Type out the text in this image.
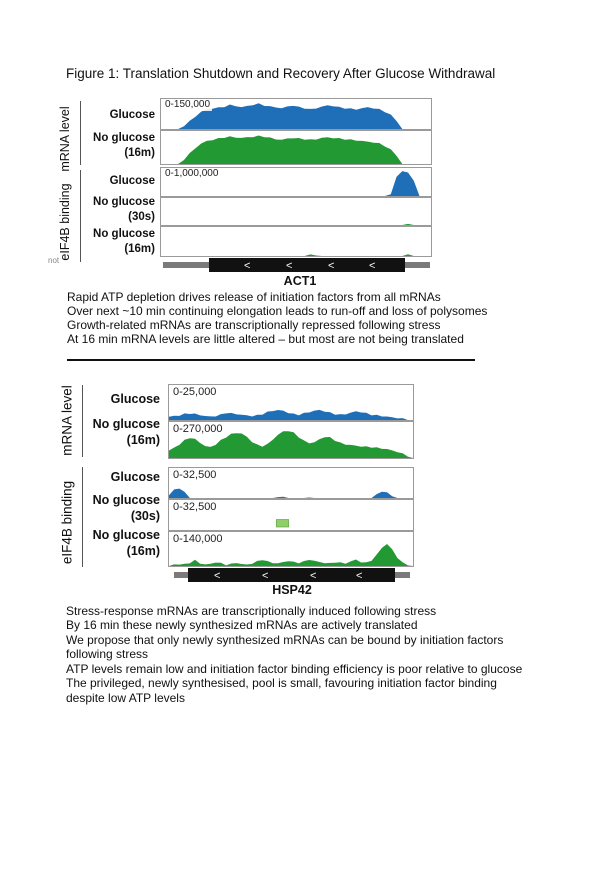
Figure 1: Translation Shutdown and Recovery After Glucose Withdrawal
not
mRNA level
eIF4B binding
Glucose
No glucose
(16m)
Glucose
No glucose
(30s)
No glucose
(16m)
0-150,000
0-1,000,000
<	<	<	<
ACT1
Rapid ATP depletion drives release of initiation factors from all mRNAs
Over next ~10 min continuing elongation leads to run-off and loss of polysomes
Growth-related mRNAs are transcriptionally repressed following stress
At 16 min mRNA levels are little altered – but most are not being translated
mRNA level
eIF4B binding
Glucose
No glucose
(16m)
Glucose
No glucose
(30s)
No glucose
(16m)
0-25,000
0-270,000
0-32,500
0-32,500
0-140,000
<	<	<	<
HSP42
Stress-response mRNAs are transcriptionally induced following stress
By 16 min these newly synthesized mRNAs are actively translated
We propose that only newly synthesized mRNAs can be bound by initiation factors
following stress
ATP levels remain low and initiation factor binding efficiency is poor relative to glucose
The privileged, newly synthesised, pool is small, favouring initiation factor binding
despite low ATP levels
